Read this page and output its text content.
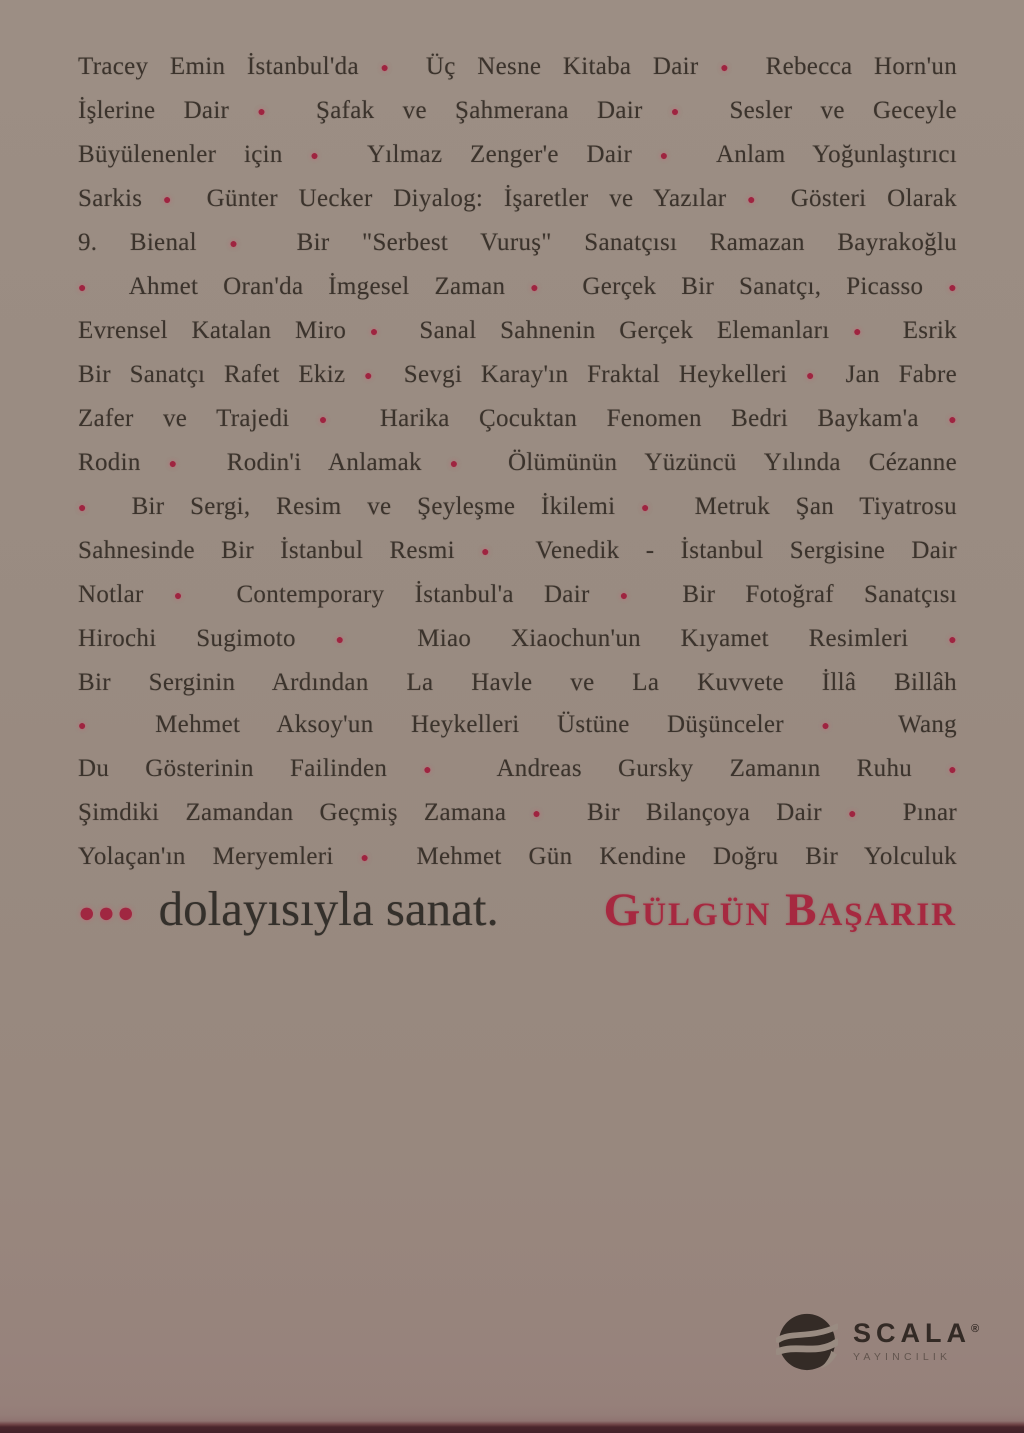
Tracey Emin İstanbul'da ● Üç Nesne Kitaba Dair ● Rebecca Horn'un
İşlerine Dair ● Şafak ve Şahmerana Dair ● Sesler ve Geceyle
Büyülenenler için ● Yılmaz Zenger'e Dair ● Anlam Yoğunlaştırıcı
Sarkis ● Günter Uecker Diyalog: İşaretler ve Yazılar ● Gösteri Olarak
9. Bienal ● Bir "Serbest Vuruş" Sanatçısı Ramazan Bayrakoğlu
● Ahmet Oran'da İmgesel Zaman ● Gerçek Bir Sanatçı, Picasso ●
Evrensel Katalan Miro ● Sanal Sahnenin Gerçek Elemanları ● Esrik
Bir Sanatçı Rafet Ekiz ● Sevgi Karay'ın Fraktal Heykelleri ● Jan Fabre
Zafer ve Trajedi ● Harika Çocuktan Fenomen Bedri Baykam'a ●
Rodin ● Rodin'i Anlamak ● Ölümünün Yüzüncü Yılında Cézanne
● Bir Sergi, Resim ve Şeyleşme İkilemi ● Metruk Şan Tiyatrosu
Sahnesinde Bir İstanbul Resmi ● Venedik - İstanbul Sergisine Dair
Notlar ● Contemporary İstanbul'a Dair ● Bir Fotoğraf Sanatçısı
Hirochi Sugimoto	● Miao Xiaochun'un Kıyamet Resimleri	●
Bir Serginin Ardından La Havle ve La Kuvvete İllâ Billâh
● Mehmet Aksoy'un Heykelleri Üstüne Düşünceler	● Wang
Du Gösterinin Failinden	● Andreas Gursky Zamanın Ruhu	●
Şimdiki Zamandan Geçmiş Zamana ● Bir Bilançoya Dair ● Pınar
Yolaçan'ın Meryemleri ● Mehmet Gün Kendine Doğru Bir Yolculuk
●●● dolayısıyla sanat.	Gülgün Başarır
SCALA®
YAYINCILIK
